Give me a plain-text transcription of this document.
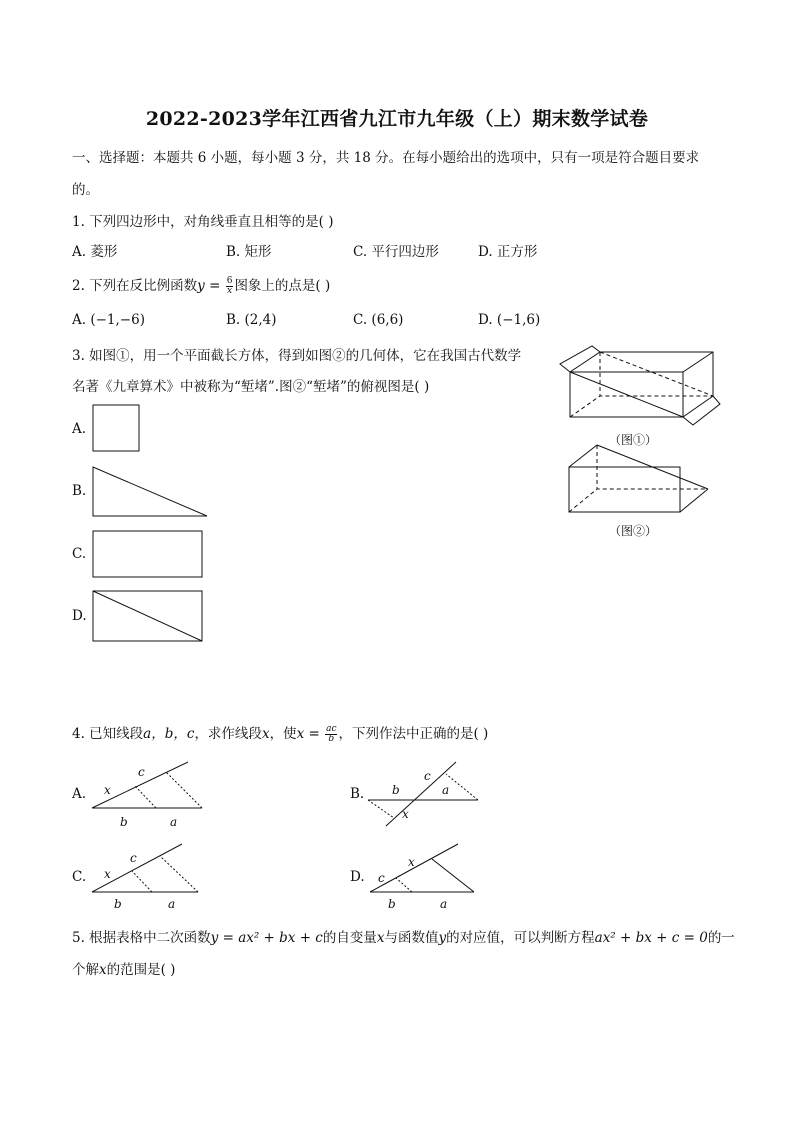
2022-2023学年江西省九江市九年级（上）期末数学试卷
一、选择题：本题共 6 小题，每小题 3 分，共 18 分。在每小题给出的选项中，只有一项是符合题目要求
的。
1. 下列四边形中，对角线垂直且相等的是( )
A. 菱形	B. 矩形	C. 平行四边形	D. 正方形
2. 下列在反比例函数$y = \frac{6}{x}$ 图象上的点是( )
A. (−1,−6)	B. (2,4)	C. (6,6)	D. (−1,6)
3. 如图①，用一个平面截长方体，得到如图②的几何体，它在我国古代数学
名著《九章算术》中被称为“堑堵”.图②“堑堵”的俯视图是( )
A.
B.
C.
D.
（图①）
（图②）
4. 已知线段a，b，c，求作线段x，使$x = \frac{ac}{b}$ ，下列作法中正确的是( )
A. x
c
b	a
B. b
c
a
x
C. x
c
b	a
D. c
x
b	a
5. 根据表格中二次函数y = ax² + bx + c的自变量x与函数值y的对应值，可以判断方程ax² + bx + c = 0的一
个解x的范围是( )
